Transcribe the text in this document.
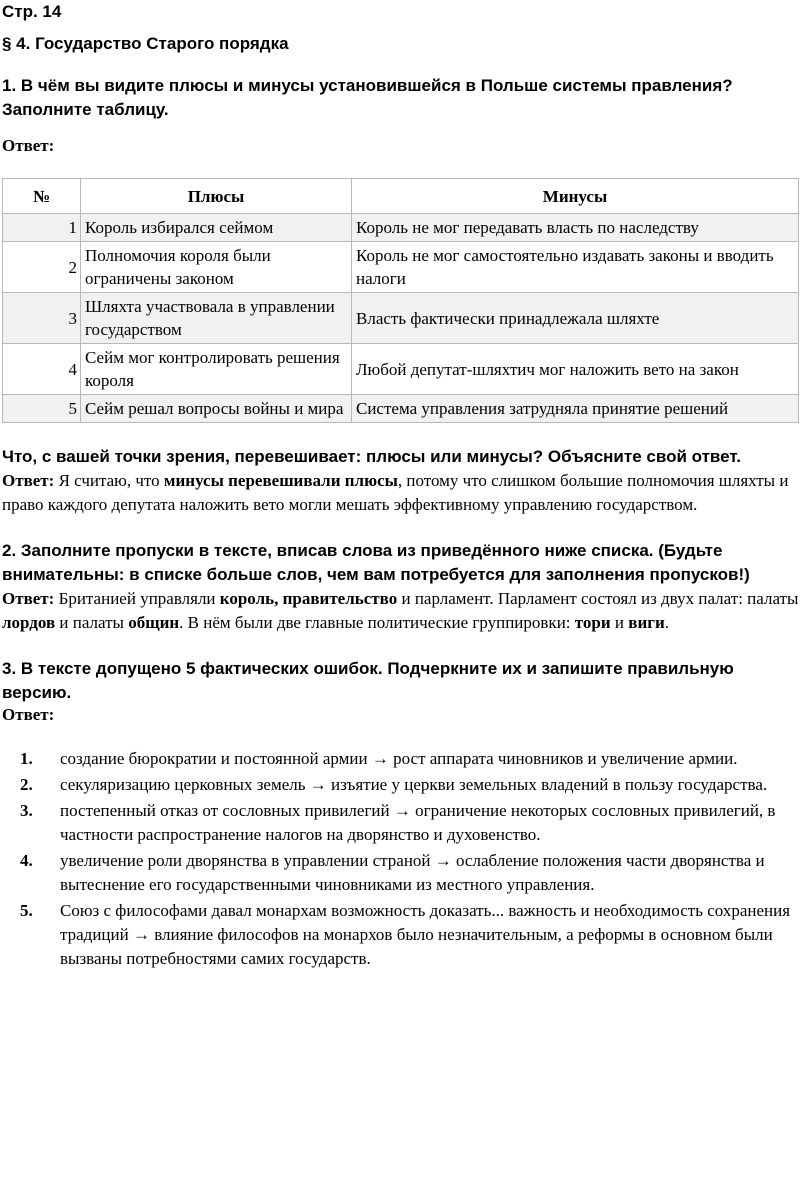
Стр. 14
§ 4. Государство Старого порядка

1. В чём вы видите плюсы и минусы установившейся в Польше системы правления? Заполните таблицу.

Ответ:

№	Плюсы	Минусы
1	Король избирался сеймом	Король не мог передавать власть по наследству
2	Полномочия короля были ограничены законом	Король не мог самостоятельно издавать законы и вводить налоги
3	Шляхта участвовала в управлении государством	Власть фактически принадлежала шляхте
4	Сейм мог контролировать решения короля	Любой депутат-шляхтич мог наложить вето на закон
5	Сейм решал вопросы войны и мира	Система управления затрудняла принятие решений

Что, с вашей точки зрения, перевешивает: плюсы или минусы? Объясните свой ответ.

Ответ: Я считаю, что минусы перевешивали плюсы, потому что слишком большие полномочия шляхты и право каждого депутата наложить вето могли мешать эффективному управлению государством.

2. Заполните пропуски в тексте, вписав слова из приведённого ниже списка. (Будьте внимательны: в списке больше слов, чем вам потребуется для заполнения пропусков!)

Ответ: Британией управляли король, правительство и парламент. Парламент состоял из двух палат: палаты лордов и палаты общин. В нём были две главные политические группировки: тори и виги.

3. В тексте допущено 5 фактических ошибок. Подчеркните их и запишите правильную версию.

Ответ:

1.	создание бюрократии и постоянной армии → рост аппарата чиновников и увеличение армии.
2.	секуляризацию церковных земель → изъятие у церкви земельных владений в пользу государства.
3.	постепенный отказ от сословных привилегий → ограничение некоторых сословных привилегий, в частности распространение налогов на дворянство и духовенство.
4.	увеличение роли дворянства в управлении страной → ослабление положения части дворянства и вытеснение его государственными чиновниками из местного управления.
5.	Союз с философами давал монархам возможность доказать... важность и необходимость сохранения традиций → влияние философов на монархов было незначительным, а реформы в основном были вызваны потребностями самих государств.
